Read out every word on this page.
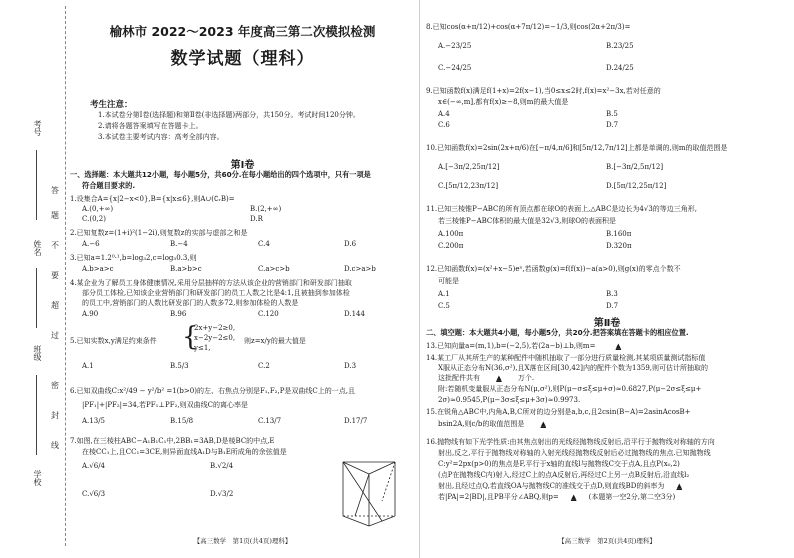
考号
姓名
班级
学校
答
题
不
要
超
过
密
封
线
榆林市 2022～2023 年度高三第二次模拟检测
数学试题（理科）
考生注意：
1.本试卷分第Ⅰ卷(选择题)和第Ⅱ卷(非选择题)两部分，共150分。考试时间120分钟。
2.请将各题答案填写在答题卡上。
3.本试卷主要考试内容：高考全部内容。
第Ⅰ卷
一、选择题：本大题共12小题，每小题5分，共60分.在每小题给出的四个选项中，只有一项是
符合题目要求的.
1.设集合A={x|2−x<0},B={x|x≤6},则A∪(∁ᵣB)=
A.(0,+∞)	B.(2,+∞)
C.(0,2)	D.R
2.已知复数z=(1+i)²(1−2i),则复数z的实部与虚部之和是
A.−6	B.−4	C.4	D.6
3.已知a=1.2⁰·¹,b=log₃2,c=log₃0.3,则
A.b>a>c	B.a>b>c	C.a>c>b	D.c>a>b
4.某企业为了解员工身体健康情况,采用分层抽样的方法从该企业的营销部门和研发部门抽取
部分员工体检,已知该企业营销部门和研发部门的员工人数之比是4:1,且被抽到参加体检
的员工中,营销部门的人数比研发部门的人数多72,则参加体检的人数是
A.90	B.96	C.120	D.144
5.已知实数x,y满足约束条件 {
2x+y−2≥0,
x−2y−2≤0,
y≤1,
则z=x/y的最大值是
A.1	B.5/3	C.2	D.3
6.已知双曲线C:x²/49 − y²/b² =1(b>0)的左、右焦点分别是F₁,F₂,P是双曲线C上的一点,且
|PF₁|+|PF₂|=34,若PF₁⊥PF₂,则双曲线C的离心率是
A.13/5	B.15/8	C.13/7	D.17/7
7.如图,在三棱柱ABC−A₁B₁C₁中,2BB₁=3AB,D是棱BC的中点,E
在棱CC₁上,且CC₁=3CE,则异面直线A₁D与B₁E所成角的余弦值是
A.√6/4	B.√2/4
C.√6/3	D.√3/2
【高三数学　第1页(共4页)理科】
8.已知cos(α+π/12)+cos(α+7π/12)=−1/3,则cos(2α+2π/3)=
A.−23/25	B.23/25
C.−24/25	D.24/25
9.已知函数f(x)满足f(1+x)=2f(x−1),当0≤x≤2时,f(x)=x²−3x,若对任意的
x∈(−∞,m],都有f(x)≥−8,则m的最大值是
A.4	B.5
C.6	D.7
10.已知函数f(x)=2sin(2x+π/6)在[−π/4,π/6]和[5π/12,7π/12]上都是单调的,则m的取值范围是
A.[−3π/2,25π/12]	B.[−3π/2,5π/12]
C.[5π/12,23π/12]	D.[5π/12,25π/12]
11.已知三棱锥P−ABC的所有顶点都在球O的表面上,△ABC是边长为4√3的等边三角形,
若三棱锥P−ABC体积的最大值是32√3,则球O的表面积是
A.100π	B.160π
C.200π	D.320π
12.已知函数f(x)=(x²+x−5)eˣ,若函数g(x)=f(f(x))−a(a>0),则g(x)的零点个数不
可能是
A.1	B.3
C.5	D.7
第Ⅱ卷
二、填空题：本大题共4小题，每小题5分，共20分.把答案填在答题卡的相应位置.
13.已知向量a=(m,1),b=(−2,5),若(2a−b)⊥b,则m=	▲
14.某工厂从其所生产的某种配件中随机抽取了一部分进行质量检测,其某项质量测试指标值
X服从正态分布N(36,σ²),且X落在区间[30,42]内的配件个数为1359,则可估计所抽取的
这批配件共有 ▲ 万个.
附:若随机变量服从正态分布N(μ,σ²),则P(μ−σ≤ξ≤μ+σ)≈0.6827,P(μ−2σ≤ξ≤μ+
2σ)≈0.9545,P(μ−3σ≤ξ≤μ+3σ)≈0.9973.
15.在锐角△ABC中,内角A,B,C所对的边分别是a,b,c,且2csin(B−A)=2asinAcosB+
bsin2A,则c/b的取值范围是 ▲
16.抛物线有如下光学性质:由其焦点射出的光线经抛物线反射后,沿平行于抛物线对称轴的方向
射出,反之,平行于抛物线对称轴的入射光线经抛物线反射后必过抛物线的焦点.已知抛物线
C:y²=2px(p>0)的焦点是F,平行于x轴的直线l与抛物线C交于点A,且点P(x₀,2)
(点P在抛物线C内)射入,经过C上的点A反射后,再经过C上另一点B反射后,沿直线l₂
射出,且经过点Q,若直线OA与抛物线C的准线交于点D,则直线BD的斜率为 ▲
若|PA|=2|BD|,且PB平分∠ABQ,则p= ▲ (本题第一空2分,第二空3分)
【高三数学　第2页(共4页)理科】
